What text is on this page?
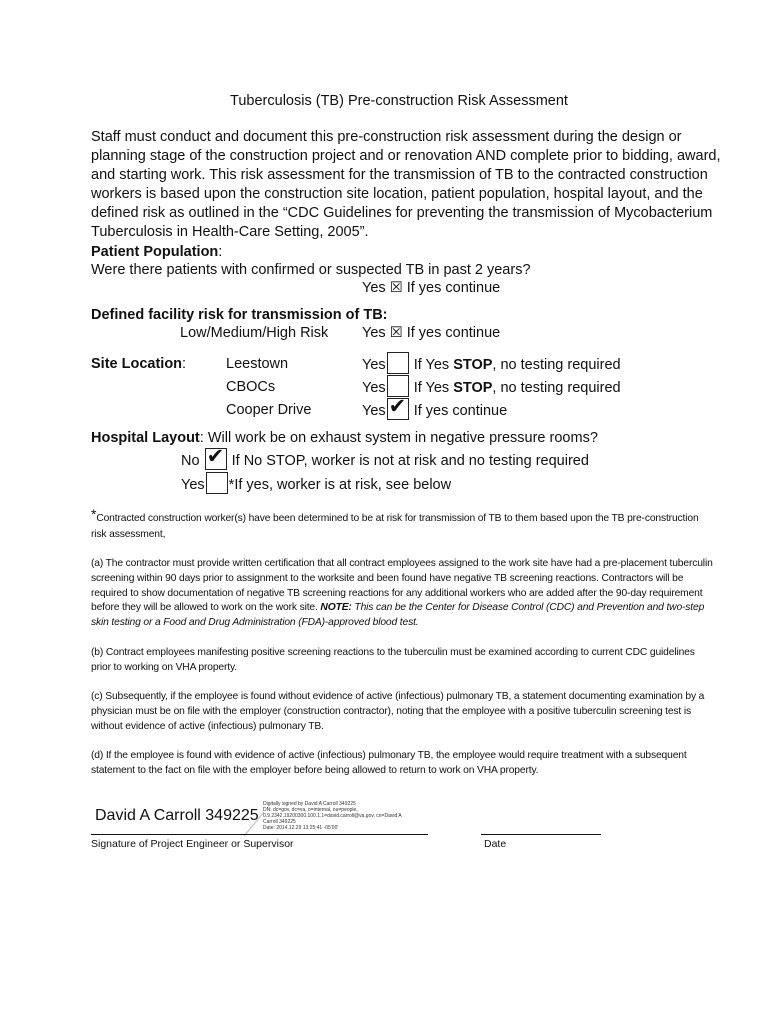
Tuberculosis (TB) Pre-construction Risk Assessment
Staff must conduct and document this pre-construction risk assessment during the design or planning stage of the construction project and or renovation AND complete prior to bidding, award, and starting work. This risk assessment for the transmission of TB to the contracted construction workers is based upon the construction site location, patient population, hospital layout, and the defined risk as outlined in the “CDC Guidelines for preventing the transmission of Mycobacterium Tuberculosis in Health-Care Setting, 2005”.
Patient Population:
Were there patients with confirmed or suspected TB in past 2 years?
Yes ☒ If yes continue
Defined facility risk for transmission of TB:
Low/Medium/High Risk Yes ☒ If yes continue
Site Location:	Leestown	Yes If Yes STOP, no testing required
CBOCs	Yes If Yes STOP, no testing required
Cooper Drive	Yes ✔ If yes continue
Hospital Layout: Will work be on exhaust system in negative pressure rooms?
No ✔ If No STOP, worker is not at risk and no testing required
Yes *If yes, worker is at risk, see below
*Contracted construction worker(s) have been determined to be at risk for transmission of TB to them based upon the TB pre-construction risk assessment,
(a) The contractor must provide written certification that all contract employees assigned to the work site have had a pre-placement tuberculin screening within 90 days prior to assignment to the worksite and been found have negative TB screening reactions. Contractors will be required to show documentation of negative TB screening reactions for any additional workers who are added after the 90-day requirement before they will be allowed to work on the work site. NOTE: This can be the Center for Disease Control (CDC) and Prevention and two-step skin testing or a Food and Drug Administration (FDA)-approved blood test.
(b) Contract employees manifesting positive screening reactions to the tuberculin must be examined according to current CDC guidelines prior to working on VHA property.
(c) Subsequently, if the employee is found without evidence of active (infectious) pulmonary TB, a statement documenting examination by a physician must be on file with the employer (construction contractor), noting that the employee with a positive tuberculin screening test is without evidence of active (infectious) pulmonary TB.
(d) If the employee is found with evidence of active (infectious) pulmonary TB, the employee would require treatment with a subsequent statement to the fact on file with the employer before being allowed to return to work on VHA property.
David A Carroll 349225
Digitally signed by David A Carroll 349225
DN: dc=gov, dc=va, o=internal, ou=people,
0.9.2342.19200300.100.1.1=david.carroll@va.gov, cn=David A
Carroll 349225
Date: 2014.12.29 13:25:41 -05'00'
Signature of Project Engineer or Supervisor	Date
